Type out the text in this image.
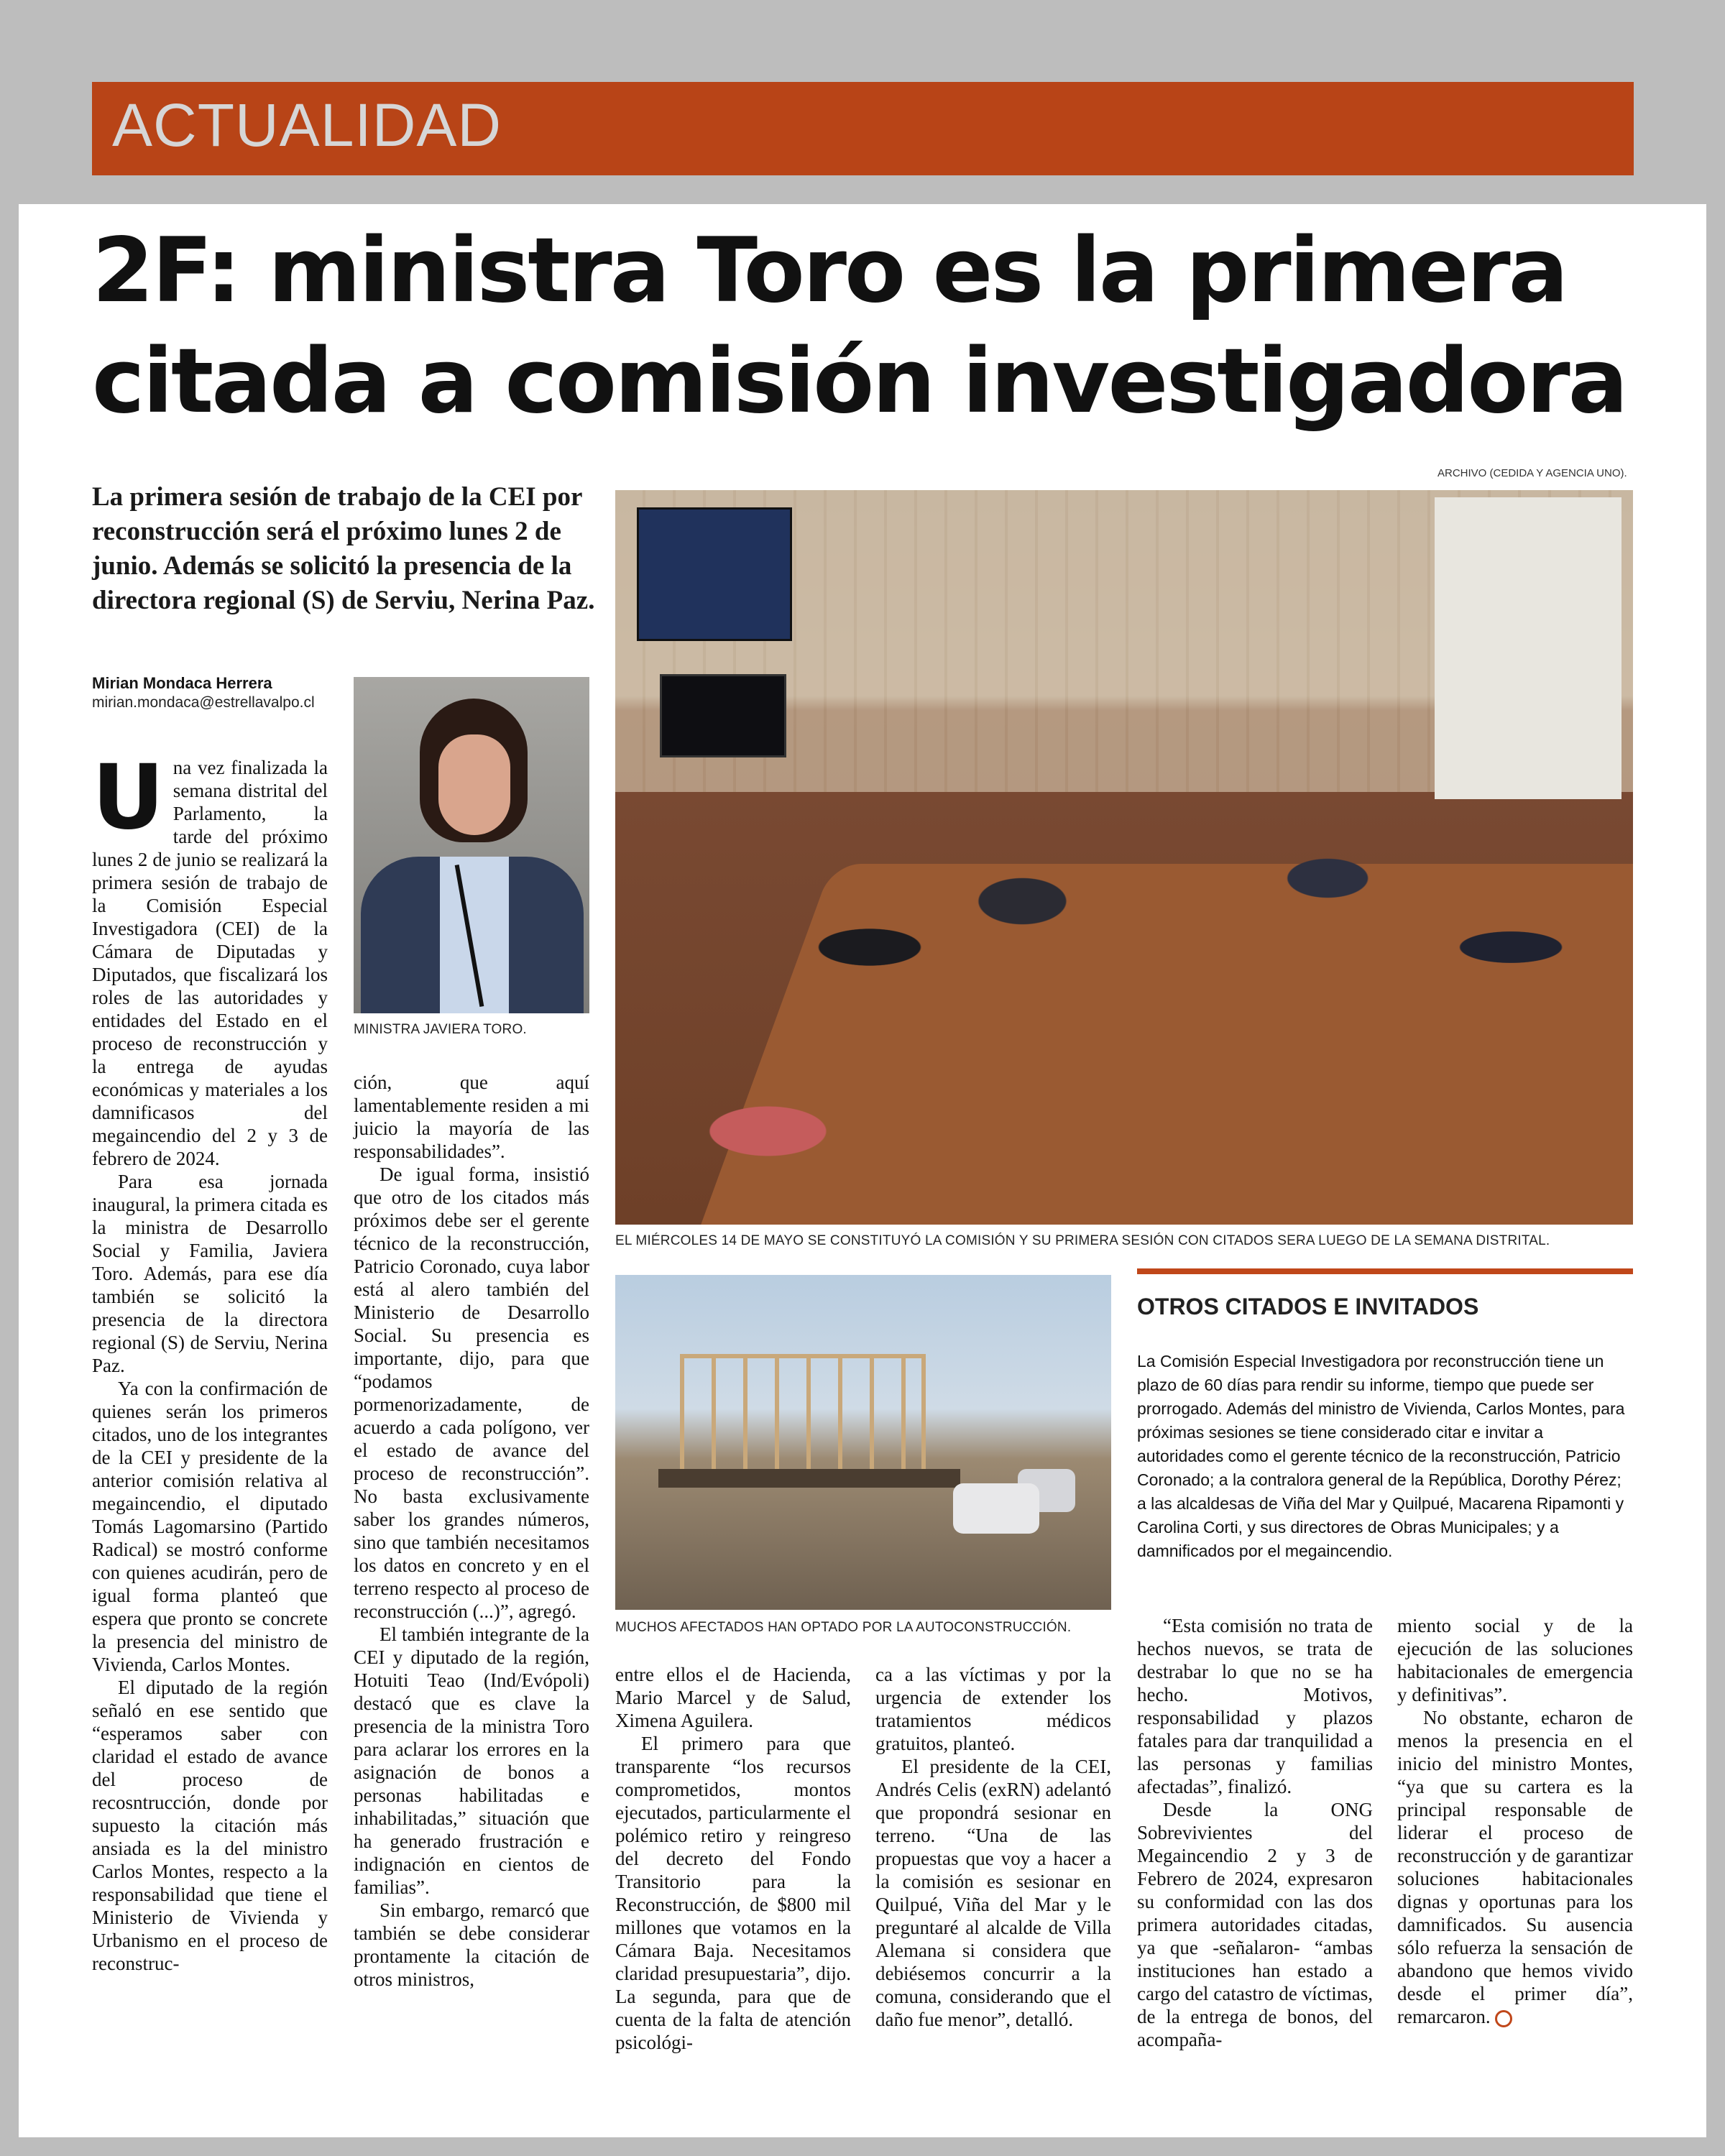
ACTUALIDAD
2F: ministra Toro es la primera citada a comisión investigadora
ARCHIVO (CEDIDA Y AGENCIA UNO).

La primera sesión de trabajo de la CEI por reconstrucción será el próximo lunes 2 de junio. Además se solicitó la presencia de la directora regional (S) de Serviu, Nerina Paz.

Mirian Mondaca Herrera
mirian.mondaca@estrellavalpo.cl
MINISTRA JAVIERA TORO.
EL MIÉRCOLES 14 DE MAYO SE CONSTITUYÓ LA COMISIÓN Y SU PRIMERA SESIÓN CON CITADOS SERA LUEGO DE LA SEMANA DISTRITAL.
MUCHOS AFECTADOS HAN OPTADO POR LA AUTOCONSTRUCCIÓN.
OTROS CITADOS E INVITADOS

La Comisión Especial Investigadora por reconstrucción tiene un plazo de 60 días para rendir su informe, tiempo que puede ser prorrogado. Además del ministro de Vivienda, Carlos Montes, para próximas sesiones se tiene considerado citar e invitar a autoridades como el gerente técnico de la reconstrucción, Patricio Coronado; a la contralora general de la República, Dorothy Pérez; a las alcaldesas de Viña del Mar y Quilpué, Macarena Ripamonti y Carolina Corti, y sus directores de Obras Municipales; y a damnificados por el megaincendio.

Una vez finalizada la semana distrital del Parlamento, la tarde del próximo lunes 2 de junio se realizará la primera sesión de trabajo de la Comisión Especial Investigadora (CEI) de la Cámara de Diputadas y Diputados, que fiscalizará los roles de las autoridades y entidades del Estado en el proceso de reconstrucción y la entrega de ayudas económicas y materiales a los damnificasos del megaincendio del 2 y 3 de febrero de 2024.

Para esa jornada inaugural, la primera citada es la ministra de Desarrollo Social y Familia, Javiera Toro. Además, para ese día también se solicitó la presencia de la directora regional (S) de Serviu, Nerina Paz.

Ya con la confirmación de quienes serán los primeros citados, uno de los integrantes de la CEI y presidente de la anterior comisión relativa al megaincendio, el diputado Tomás Lagomarsino (Partido Radical) se mostró conforme con quienes acudirán, pero de igual forma planteó que espera que pronto se concrete la presencia del ministro de Vivienda, Carlos Montes.

El diputado de la región señaló en ese sentido que “esperamos saber con claridad el estado de avance del proceso de recosntrucción, donde por supuesto la citación más ansiada es la del ministro Carlos Montes, respecto a la responsabilidad que tiene el Ministerio de Vivienda y Urbanismo en el proceso de reconstruc-

ción, que aquí lamentablemente residen a mi juicio la mayoría de las responsabilidades”.

De igual forma, insistió que otro de los citados más próximos debe ser el gerente técnico de la reconstrucción, Patricio Coronado, cuya labor está al alero también del Ministerio de Desarrollo Social. Su presencia es importante, dijo, para que “podamos pormenorizadamente, de acuerdo a cada polígono, ver el estado de avance del proceso de reconstrucción”. No basta exclusivamente saber los grandes números, sino que también necesitamos los datos en concreto y en el terreno respecto al proceso de reconstrucción (...)”, agregó.

El también integrante de la CEI y diputado de la región, Hotuiti Teao (Ind/Evópoli) destacó que es clave la presencia de la ministra Toro para aclarar los errores en la asignación de bonos a personas habilitadas e inhabilitadas,” situación que ha generado frustración e indignación en cientos de familias”.

Sin embargo, remarcó que también se debe considerar prontamente la citación de otros ministros,

entre ellos el de Hacienda, Mario Marcel y de Salud, Ximena Aguilera.

El primero para que transparente “los recursos comprometidos, montos ejecutados, particularmente el polémico retiro y reingreso del decreto del Fondo Transitorio para la Reconstrucción, de $800 mil millones que votamos en la Cámara Baja. Necesitamos claridad presupuestaria”, dijo. La segunda, para que de cuenta de la falta de atención psicológi-

ca a las víctimas y por la urgencia de extender los tratamientos médicos gratuitos, planteó.

El presidente de la CEI, Andrés Celis (exRN) adelantó que propondrá sesionar en terreno. “Una de las propuestas que voy a hacer a la comisión es sesionar en Quilpué, Viña del Mar y le preguntaré al alcalde de Villa Alemana si considera que debiésemos concurrir a la comuna, considerando que el daño fue menor”, detalló.

“Esta comisión no trata de hechos nuevos, se trata de destrabar lo que no se ha hecho. Motivos, responsabilidad y plazos fatales para dar tranquilidad a las personas y familias afectadas”, finalizó.

Desde la ONG Sobrevivientes del Megaincendio 2 y 3 de Febrero de 2024, expresaron su conformidad con las dos primera autoridades citadas, ya que -señalaron- “ambas instituciones han estado a cargo del catastro de víctimas, de la entrega de bonos, del acompaña-

miento social y de la ejecución de las soluciones habitacionales de emergencia y definitivas”.

No obstante, echaron de menos la presencia en el inicio del ministro Montes, “ya que su cartera es la principal responsable de liderar el proceso de reconstrucción y de garantizar soluciones habitacionales dignas y oportunas para los damnificados. Su ausencia sólo refuerza la sensación de abandono que hemos vivido desde el primer día”, remarcaron.
